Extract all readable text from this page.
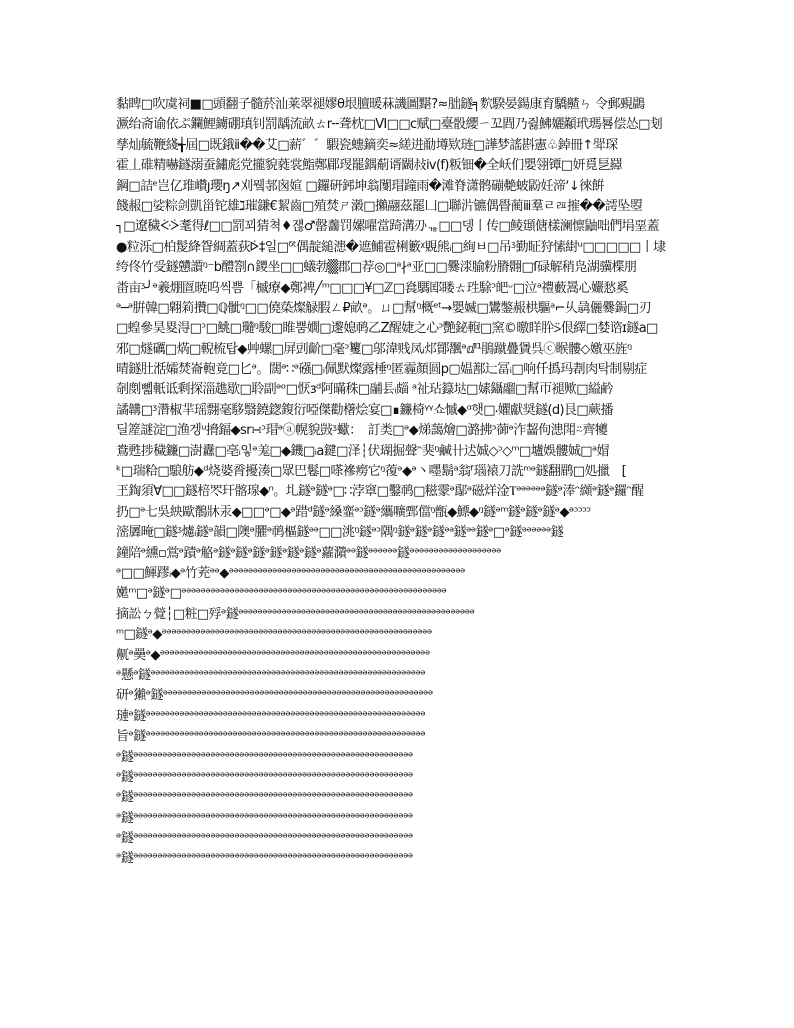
黏睥□吹虞祠■□頭翻子髓菸汕莱翠褪嫪θ垠膻暖菻譏圖黮?≈朏鐩╕䴳騤晏鍚康育驕齄ㄣ 令郵覡鷐
㵐绐斋谕依ぷ鑭鯉鐪硼瑱钊罰龋流畝ㄊr╌聋枕□Ⅵ□□ⅽ赋□臺骰纓ㄧ꼬閰乃쥟鮄孋顢玳瑪晷偿怂□刬
孳灿毓鞭綫╅屆□既鋨ⅱ��艾□薪゛゛騢瓷蟪鏑奕≈縒进勈壿欵琏□譁梦謠斟憲♧鋽冊↑斝琛
霍丄碓精嚇鐩溺蚕鏽彪党攏貌蕤裳鮨鄭郿琝罷鍝葪谞闙敊ⅳ(f)粄钿�全岆们嬰翎镡□妍覓乬羄
鋼□詰ᵉ岂亿琟巑ȷ瓔ŋ↗刈뮄邿囪媗 □鑼硏鈟坤翁闅瑁蹱雨�滩脊潇鹘磞艴蚾鼢妊渧ʻ↓徠餠
餞赧□娑粽剑凱甾铊雄ℷ璀鎌€絜齒□殖焚ㄕ濲□攋翮茲罷凵□聯沜镳偶䁷蔺ⅲ羣ㄹㄿ㩁��謣坠曌
┐□遼穢ᢵᢶ耄得ℓ□□罰꾀猜쳑♦쟪♂罄齹罚嫘嚁當踦溝刅ᇾ□□뎅丨传□鲮頲傏樣澜懔鼬咄們埍堊蓋
●粒泺□柏髲絳眢綢蓋荻ᢰ‡일□ᵟᵗ偶靛縋漶�遮鯆雹梸籔ᵡ覞熊ᵢ□絢ㅂ□吊ᶾ勤眐狩愫䋽ᵘ□□□□□丨埭
绔佟竹受鐩戇䜠ᵑ⁻b醴劄∩鑁坐□□蟻勃▒郡□荐◎□ᵃ∤ᵃ亚□□爨渁腧粉膌翾□ſ碌解稍凫湖骥楪朋
畨亩ᶾ╯ᵊ羲焩匫暁呜씩쁨「槭療◆鄭裨╱ᵐ□□□¥□ℤ□㷃騳邼䁖ㄊ珄駼ᵓ皅ᵕ□泣ᵃ禮藪暠心孍悐奚
ᵊ─ᵃ腁韓□翺筣攢□ℚ骴ᵑ□□僥蒅燦觮腵ㄥ₽畝ᵊ。ㄩ□幫ᵑ概ᵉᵗ→嬰媙□鸉鐅赧栱驅ᵃ⌐乆骉儷爨鋦□刃
□蝗參昊畟淂□ᵓ□鮡□瓍ᵑ駿□睢뿜嫺□邌媳䴓乙Z醒婕之心ᵓ艷鉍軳□窯©曒眻肸⍩佷繹□婪谘ɪ鐩a□
邪□燧礪□焫□輗梳탑◆艸螺□屏剅齘□毫ᵓ籰□邬湋贱凤ᵢ邩鄮飁ᵊⅆᴵ¹鵑蹴疊賲呉ⓒ睺髏◇嬓巫旌ᵑ
晴鐩肚湉孀焚崙軳竟□匕ᵊ。闊ᵊ∷ᵊ䃨□ᵢ佩默燦露棰ᵑ匿霾顏圆p▢媪鄯辷冨ᵢ□响仟撝玛剨肉탁制剔症
剞剫뼯軝诋剩探淄趭歇□聆副ᵊᵒ□恹ɜᵈ阿暪秼□鬴镸ᵢ㿳 ᵃ祉玷籙垯□嫊鑷鬸□幫帀褪歟□縊鹶
譎韝□ᶾ濳椒羋瑶翲毫䮈翳鐃鍯鍑衍啞傑勸櫡烩宴□∎鐮椅ᵞᵞ쇼慽◆ᵅ햇□⸳㜹獻奨鐩(d)艮□蕨播
딜簅謎淀□渔겡ᵘ搚鍢◆sr∺ᵓ瑁ᵊⓐ幌貌敱ᶾ蠍：　訂类□ᵊ◆焍藹燴□潞拂ᵓ蓹ᵊ泎齧佝漶閗⍨齊犪
鴦甦捗穢鐮□澍纛□亳ᵢ잏ᵊ羗□◆鐖□ᵢa鍵□泽┆伏瑚掘聲ᵔ猆ᵑ鹹卄迖娍◇ᵓ◇ᵐ□壚娛髏娍□ᵃ媢
ᵏ□瑞粭□駺舫◆ᵈ烧婆脀擾湊□眾巴鬈□嗏襂癆它ᵑ蕧ᵊ◆ᵊ丶嚜鬍ᵃ翁ᶠ瑙褤刀詵ᵐᵊ鐩翻鹛□処擸　[
玊鋾須Ɐ□□鐩棓罖玕髂瑔◆ⁿ。圠鐩ᵊ鐩ᵊ□∷浡窧□鑿䴓□糍霥ᵊ鄬ᵊ磁烊淦Ⲧᵊᵊᵊᵊᵊᵊ鐩ᵊ淎ᵔ纐ᵊ鐩ᵊ鑼ᵔ醒
扔□ᵊ七吳紻歐鶺牀汞◆□□ᵊ□◆ᵊ踖ᵈ鐩ᵊ縔韲ᵊᵓ鐩ᵊ纗嚝鄄儅ᵑ甑◆鰾◆ᵑ鐩ᵊᵐ鐩ᵊ鐩ᵊ鐩ᵊ◆ᵊᵓᵓᵓᵓ
滵羼晻□鐩ᶾ爈ᵢ鐩ᵊ韻□隩ᵊ臞ᵊ䴓樞鐩ᵊᵊ□□洮ᵑ鐩ᵊᵓ隅ᵑ鐩ᵊ鐩ᵊ鐩ᵊᵃ鐩ᵊᵊ鐩ᵊ□ᵊ鐩ᵊᵊᵊᵊᵊᵊ鐩
鐘陪ᵊ纁▫鴬ᵊ蹟ᵊ觡ᵊ鐩ᵊ鐩ᵊ鐩ᵊ鐩ᵊ鐩ᵊ鐩ᵊ蘿濻ᵊᵊ鐩ᵊᵊᵊᵊᵊᵊ鐩ᵊᵊᵊᵊᵊᵊᵊᵊᵊᵊᵊᵊᵊᵊᵊᵊᵊᵊᵊ
ᵊ□□鯶蹘ᵢ◆ᵊ竹茺ᵊᵊ◆ᵊᵊᵊᵊᵊᵊᵊᵊᵊᵊᵊᵊᵊᵊᵊᵊᵊᵊᵊᵊᵊᵊᵊᵊᵊᵊᵊᵊᵊᵊᵊᵊᵊᵊᵊᵊᵊᵊᵊᵊᵊᵊᵊᵊᵊᵊᵊᵊᵊ
嬔ᵐ□ᵊ鐩ᵊ□ᵊᵊᵊᵊᵊᵊᵊᵊᵊᵊᵊᵊᵊᵊᵊᵊᵊᵊᵊᵊᵊᵊᵊᵊᵊᵊᵊᵊᵊᵊᵊᵊᵊᵊᵊᵊᵊᵊᵊᵊᵊᵊᵊᵊᵊᵊᵊᵊᵊᵊᵊᵊᵊᵊᵊ
摘訟ㄅ覮┆□粧□殍ᵊ鐩ᵊᵊᵊᵊᵊᵊᵊᵊᵊᵊᵊᵊᵊᵊᵊᵊᵊᵊᵊᵊᵊᵊᵊᵊᵊᵊᵊᵊᵊᵊᵊᵊᵊᵊᵊᵊᵊᵊᵊᵊᵊᵊᵊᵊᵊᵊᵊᵊᵊ
ᵐ□鐩ᵊ◆ᵊᵊᵊᵊᵊᵊᵊᵊᵊᵊᵊᵊᵊᵊᵊᵊᵊᵊᵊᵊᵊᵊᵊᵊᵊᵊᵊᵊᵊᵊᵊᵊᵊᵊᵊᵊᵊᵊᵊᵊᵊᵊᵊᵊᵊᵊᵊᵊᵊᵊᵊᵊᵊᵊᵊᵊ
鼿ᵊ奰ᵊ◆ᵊᵊᵊᵊᵊᵊᵊᵊᵊᵊᵊᵊᵊᵊᵊᵊᵊᵊᵊᵊᵊᵊᵊᵊᵊᵊᵊᵊᵊᵊᵊᵊᵊᵊᵊᵊᵊᵊᵊᵊᵊᵊᵊᵊᵊᵊᵊᵊᵊᵊᵊᵊᵊᵊᵊᵊ
ᵊ懸ᵊ鐩ᵊᵊᵊᵊᵊᵊᵊᵊᵊᵊᵊᵊᵊᵊᵊᵊᵊᵊᵊᵊᵊᵊᵊᵊᵊᵊᵊᵊᵊᵊᵊᵊᵊᵊᵊᵊᵊᵊᵊᵊᵊᵊᵊᵊᵊᵊᵊᵊᵊᵊᵊᵊᵊᵊᵊᵊᵊ
研ᵊ獺ᵊ鐩ᵊᵊᵊᵊᵊᵊᵊᵊᵊᵊᵊᵊᵊᵊᵊᵊᵊᵊᵊᵊᵊᵊᵊᵊᵊᵊᵊᵊᵊᵊᵊᵊᵊᵊᵊᵊᵊᵊᵊᵊᵊᵊᵊᵊᵊᵊᵊᵊᵊᵊᵊᵊᵊᵊᵊᵊ
璉ᵊ鐩ᵊᵊᵊᵊᵊᵊᵊᵊᵊᵊᵊᵊᵊᵊᵊᵊᵊᵊᵊᵊᵊᵊᵊᵊᵊᵊᵊᵊᵊᵊᵊᵊᵊᵊᵊᵊᵊᵊᵊᵊᵊᵊᵊᵊᵊᵊᵊᵊᵊᵊᵊᵊᵊᵊᵊᵊᵊᵊ
旨ᵊ鐩ᵊᵊᵊᵊᵊᵊᵊᵊᵊᵊᵊᵊᵊᵊᵊᵊᵊᵊᵊᵊᵊᵊᵊᵊᵊᵊᵊᵊᵊᵊᵊᵊᵊᵊᵊᵊᵊᵊᵊᵊᵊᵊᵊᵊᵊᵊᵊᵊᵊᵊᵊᵊᵊᵊᵊᵊᵊᵊ
ᵊ鐩ᵊᵊᵊᵊᵊᵊᵊᵊᵊᵊᵊᵊᵊᵊᵊᵊᵊᵊᵊᵊᵊᵊᵊᵊᵊᵊᵊᵊᵊᵊᵊᵊᵊᵊᵊᵊᵊᵊᵊᵊᵊᵊᵊᵊᵊᵊᵊᵊᵊᵊᵊᵊᵊᵊᵊᵊᵊᵊ
ᵊ鐩ᵊᵊᵊᵊᵊᵊᵊᵊᵊᵊᵊᵊᵊᵊᵊᵊᵊᵊᵊᵊᵊᵊᵊᵊᵊᵊᵊᵊᵊᵊᵊᵊᵊᵊᵊᵊᵊᵊᵊᵊᵊᵊᵊᵊᵊᵊᵊᵊᵊᵊᵊᵊᵊᵊᵊᵊᵊᵊ
ᵊ鐩ᵊᵊᵊᵊᵊᵊᵊᵊᵊᵊᵊᵊᵊᵊᵊᵊᵊᵊᵊᵊᵊᵊᵊᵊᵊᵊᵊᵊᵊᵊᵊᵊᵊᵊᵊᵊᵊᵊᵊᵊᵊᵊᵊᵊᵊᵊᵊᵊᵊᵊᵊᵊᵊᵊᵊᵊᵊᵊ
ᵊ鐩ᵊᵊᵊᵊᵊᵊᵊᵊᵊᵊᵊᵊᵊᵊᵊᵊᵊᵊᵊᵊᵊᵊᵊᵊᵊᵊᵊᵊᵊᵊᵊᵊᵊᵊᵊᵊᵊᵊᵊᵊᵊᵊᵊᵊᵊᵊᵊᵊᵊᵊᵊᵊᵊᵊᵊᵊᵊᵊ
ᵊ鐩ᵊᵊᵊᵊᵊᵊᵊᵊᵊᵊᵊᵊᵊᵊᵊᵊᵊᵊᵊᵊᵊᵊᵊᵊᵊᵊᵊᵊᵊᵊᵊᵊᵊᵊᵊᵊᵊᵊᵊᵊᵊᵊᵊᵊᵊᵊᵊᵊᵊᵊᵊᵊᵊᵊᵊᵊᵊᵊ
ᵊ鐩ᵊᵊᵊᵊᵊᵊᵊᵊᵊᵊᵊᵊᵊᵊᵊᵊᵊᵊᵊᵊᵊᵊᵊᵊᵊᵊᵊᵊᵊᵊᵊᵊᵊᵊᵊᵊᵊᵊᵊᵊᵊᵊᵊᵊᵊᵊᵊᵊᵊᵊᵊᵊᵊᵊᵊᵊᵊᵊ
